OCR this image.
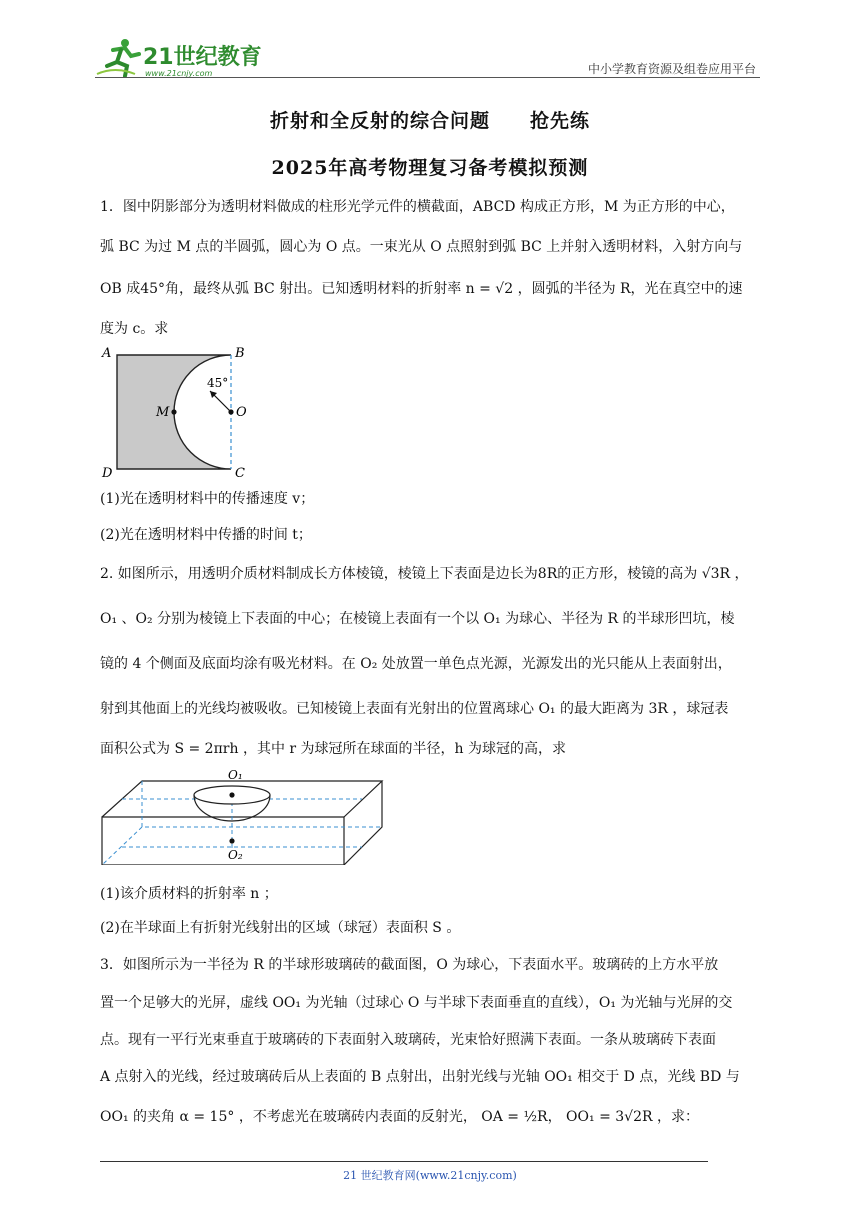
21世纪教育
www.21cnjy.com	中小学教育资源及组卷应用平台
折射和全反射的综合问题　　抢先练
2025年高考物理复习备考模拟预测
1．图中阴影部分为透明材料做成的柱形光学元件的横截面，ABCD 构成正方形，M 为正方形的中心，
弧 BC 为过 M 点的半圆弧，圆心为 O 点。一束光从 O 点照射到弧 BC 上并射入透明材料，入射方向与
OB 成45°角，最终从弧 BC 射出。已知透明材料的折射率 n = √2 ，圆弧的半径为 R，光在真空中的速
度为 c。求
A	B
D	C
M	O
45°
(1)光在透明材料中的传播速度 v；
(2)光在透明材料中传播的时间 t；
2. 如图所示，用透明介质材料制成长方体棱镜，棱镜上下表面是边长为8R的正方形，棱镜的高为 √3R ，
O₁ 、O₂ 分别为棱镜上下表面的中心；在棱镜上表面有一个以 O₁ 为球心、半径为 R 的半球形凹坑，棱
镜的 4 个侧面及底面均涂有吸光材料。在 O₂ 处放置一单色点光源，光源发出的光只能从上表面射出，
射到其他面上的光线均被吸收。已知棱镜上表面有光射出的位置离球心 O₁ 的最大距离为 3R ，球冠表
面积公式为 S = 2πrh ，其中 r 为球冠所在球面的半径，h 为球冠的高，求
O₁
O₂
(1)该介质材料的折射率 n ；
(2)在半球面上有折射光线射出的区域（球冠）表面积 S 。
3．如图所示为一半径为 R 的半球形玻璃砖的截面图，O 为球心，下表面水平。玻璃砖的上方水平放
置一个足够大的光屏，虚线 OO₁ 为光轴（过球心 O 与半球下表面垂直的直线），O₁ 为光轴与光屏的交
点。现有一平行光束垂直于玻璃砖的下表面射入玻璃砖，光束恰好照满下表面。一条从玻璃砖下表面
A 点射入的光线，经过玻璃砖后从上表面的 B 点射出，出射光线与光轴 OO₁ 相交于 D 点，光线 BD 与
OO₁ 的夹角 α = 15° ，不考虑光在玻璃砖内表面的反射光， OA = ½R， OO₁ = 3√2R ，求：
21 世纪教育网(www.21cnjy.com)
